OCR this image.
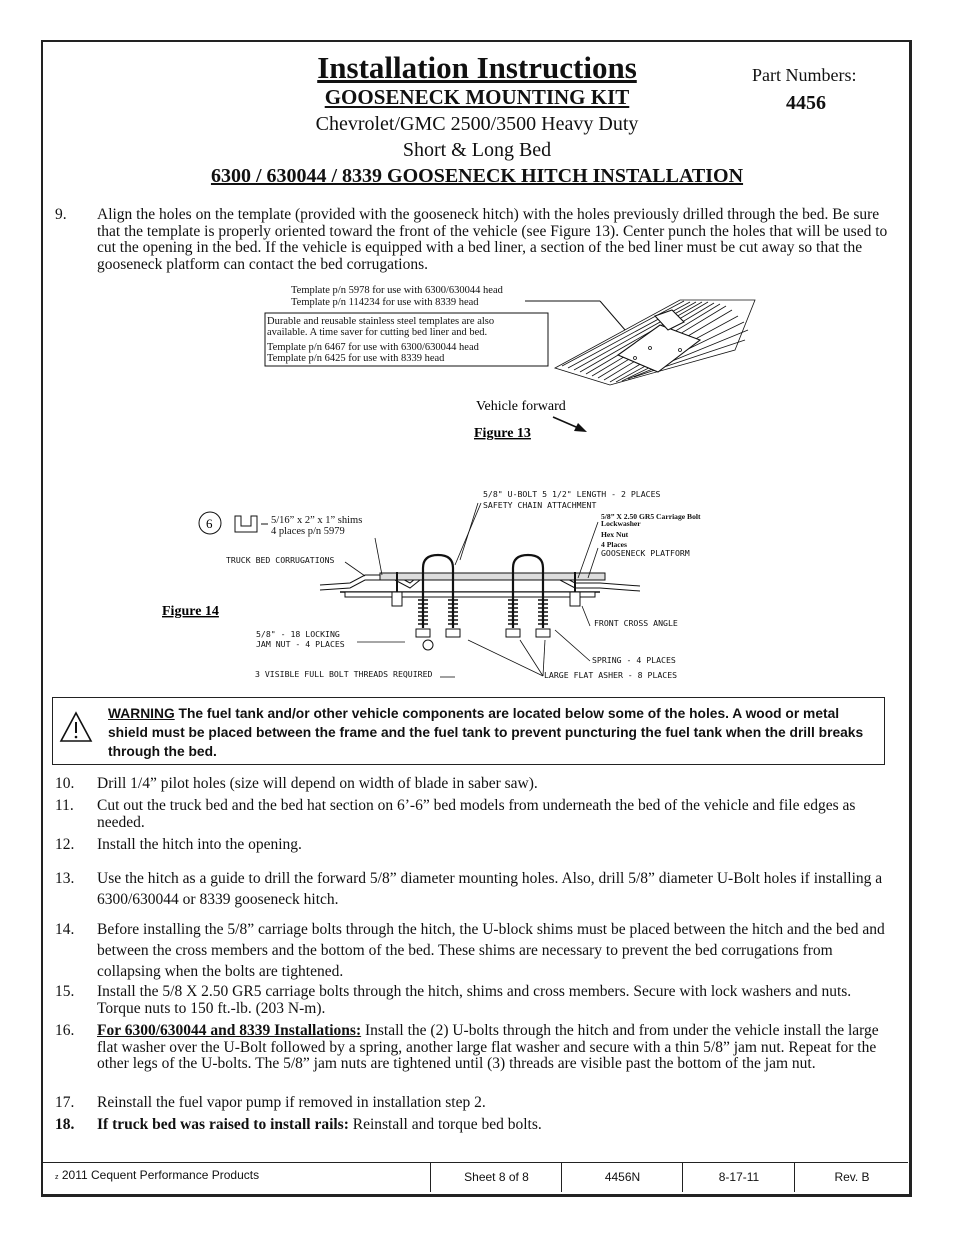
Installation Instructions
GOOSENECK MOUNTING KIT
Chevrolet/GMC 2500/3500 Heavy Duty
Short & Long Bed
6300 / 630044 / 8339 GOOSENECK HITCH INSTALLATION
Part Numbers:
4456
9. Align the holes on the template (provided with the gooseneck hitch) with the holes previously drilled through the bed. Be sure that the template is properly oriented toward the front of the vehicle (see Figure 13). Center punch the holes that will be used to cut the opening in the bed. If the vehicle is equipped with a bed liner, a section of the bed liner must be cut away so that the gooseneck platform can contact the bed corrugations.
Template p/n 5978 for use with 6300/630044 head
Template p/n 114234 for use with 8339 head
Durable and reusable stainless steel templates are also
available. A time saver for cutting bed liner and bed.
Template p/n 6467 for use with 6300/630044 head
Template p/n 6425 for use with 8339 head
Vehicle forward
Figure 13
5/8" U-BOLT 5 1/2" LENGTH - 2 PLACES
SAFETY CHAIN ATTACHMENT
GOOSENECK PLATFORM
TRUCK BED CORRUGATIONS
5/8" - 18 LOCKING
JAM NUT - 4 PLACES
3 VISIBLE FULL BOLT THREADS REQUIRED
FRONT CROSS ANGLE
SPRING - 4 PLACES
LARGE FLAT ASHER - 8 PLACES
5/8” X 2.50 GR5 Carriage Bolt
Lockwasher
Hex Nut
4 Places
6	5/16” x 2” x 1” shims
4 places p/n 5979
Figure 14
WARNING The fuel tank and/or other vehicle components are located below some of the holes. A wood or metal shield must be placed between the frame and the fuel tank to prevent puncturing the fuel tank when the drill breaks through the bed.
10. Drill 1/4” pilot holes (size will depend on width of blade in saber saw).
11. Cut out the truck bed and the bed hat section on 6’-6” bed models from underneath the bed of the vehicle and file edges as needed.
12. Install the hitch into the opening.
13. Use the hitch as a guide to drill the forward 5/8” diameter mounting holes. Also, drill 5/8” diameter U-Bolt holes if installing a 6300/630044 or 8339 gooseneck hitch.
14. Before installing the 5/8” carriage bolts through the hitch, the U-block shims must be placed between the hitch and the bed and between the cross members and the bottom of the bed. These shims are necessary to prevent the bed corrugations from collapsing when the bolts are tightened.
15. Install the 5/8 X 2.50 GR5 carriage bolts through the hitch, shims and cross members. Secure with lock washers and nuts. Torque nuts to 150 ft.-lb. (203 N-m).
16. For 6300/630044 and 8339 Installations: Install the (2) U-bolts through the hitch and from under the vehicle install the large flat washer over the U-Bolt followed by a spring, another large flat washer and secure with a thin 5/8” jam nut. Repeat for the other legs of the U-bolts. The 5/8” jam nuts are tightened until (3) threads are visible past the bottom of the jam nut.
17. Reinstall the fuel vapor pump if removed in installation step 2.
18. If truck bed was raised to install rails: Reinstall and torque bed bolts.
z 2011 Cequent Performance Products	Sheet 8 of 8	4456N	8-17-11	Rev. B
